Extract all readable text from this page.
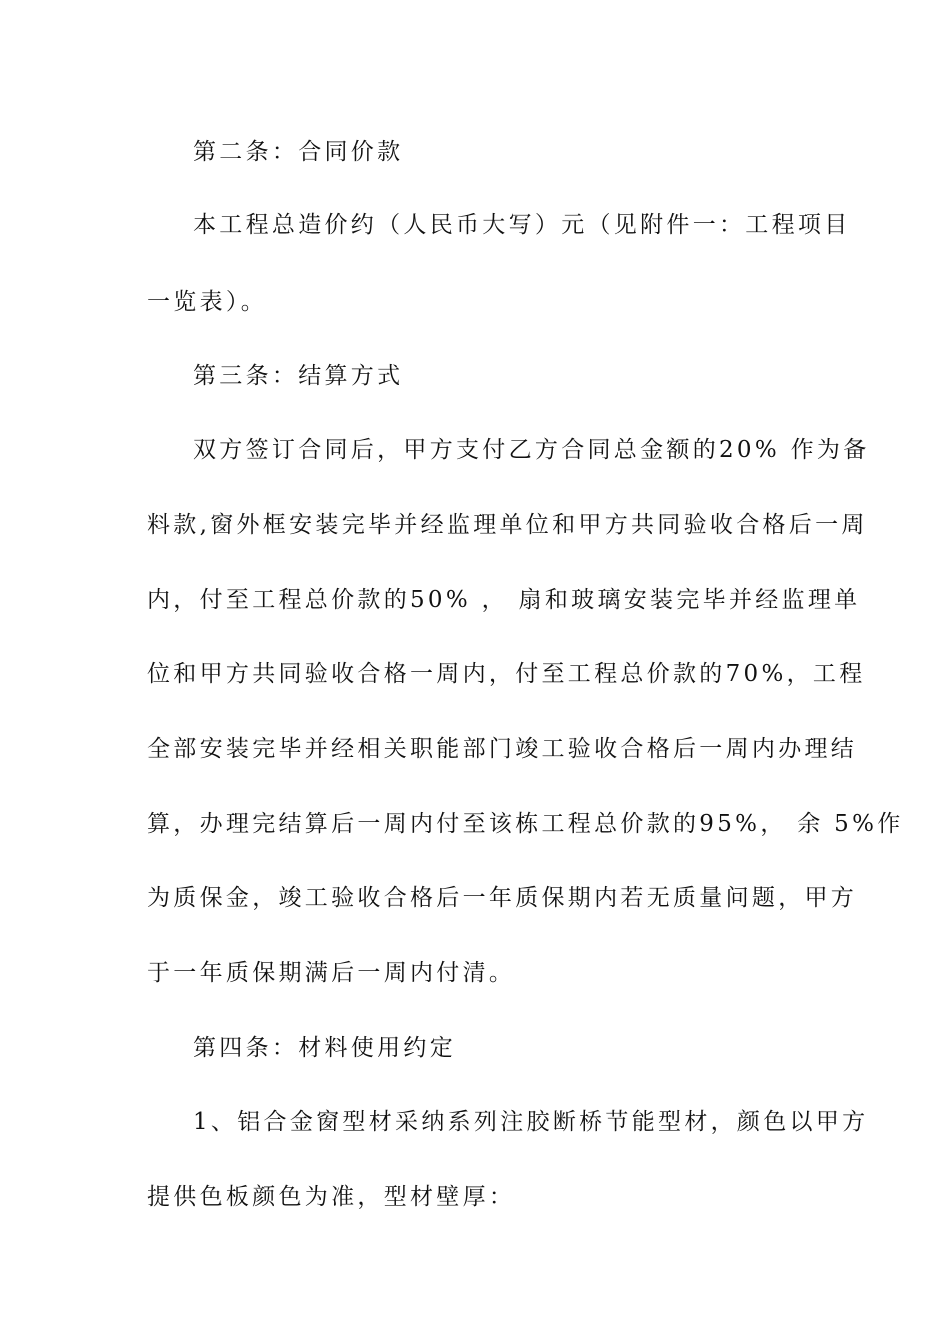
第二条：合同价款
本工程总造价约（人民币大写）元（见附件一：工程项目
一览表）。
第三条：结算方式
双方签订合同后，甲方支付乙方合同总金额的20% 作为备
料款,窗外框安装完毕并经监理单位和甲方共同验收合格后一周
内，付至工程总价款的50% ， 扇和玻璃安装完毕并经监理单
位和甲方共同验收合格一周内，付至工程总价款的70%，工程
全部安装完毕并经相关职能部门竣工验收合格后一周内办理结
算，办理完结算后一周内付至该栋工程总价款的95%， 余 5%作
为质保金，竣工验收合格后一年质保期内若无质量问题，甲方
于一年质保期满后一周内付清。
第四条：材料使用约定
1、铝合金窗型材采纳系列注胶断桥节能型材，颜色以甲方
提供色板颜色为准，型材壁厚：
